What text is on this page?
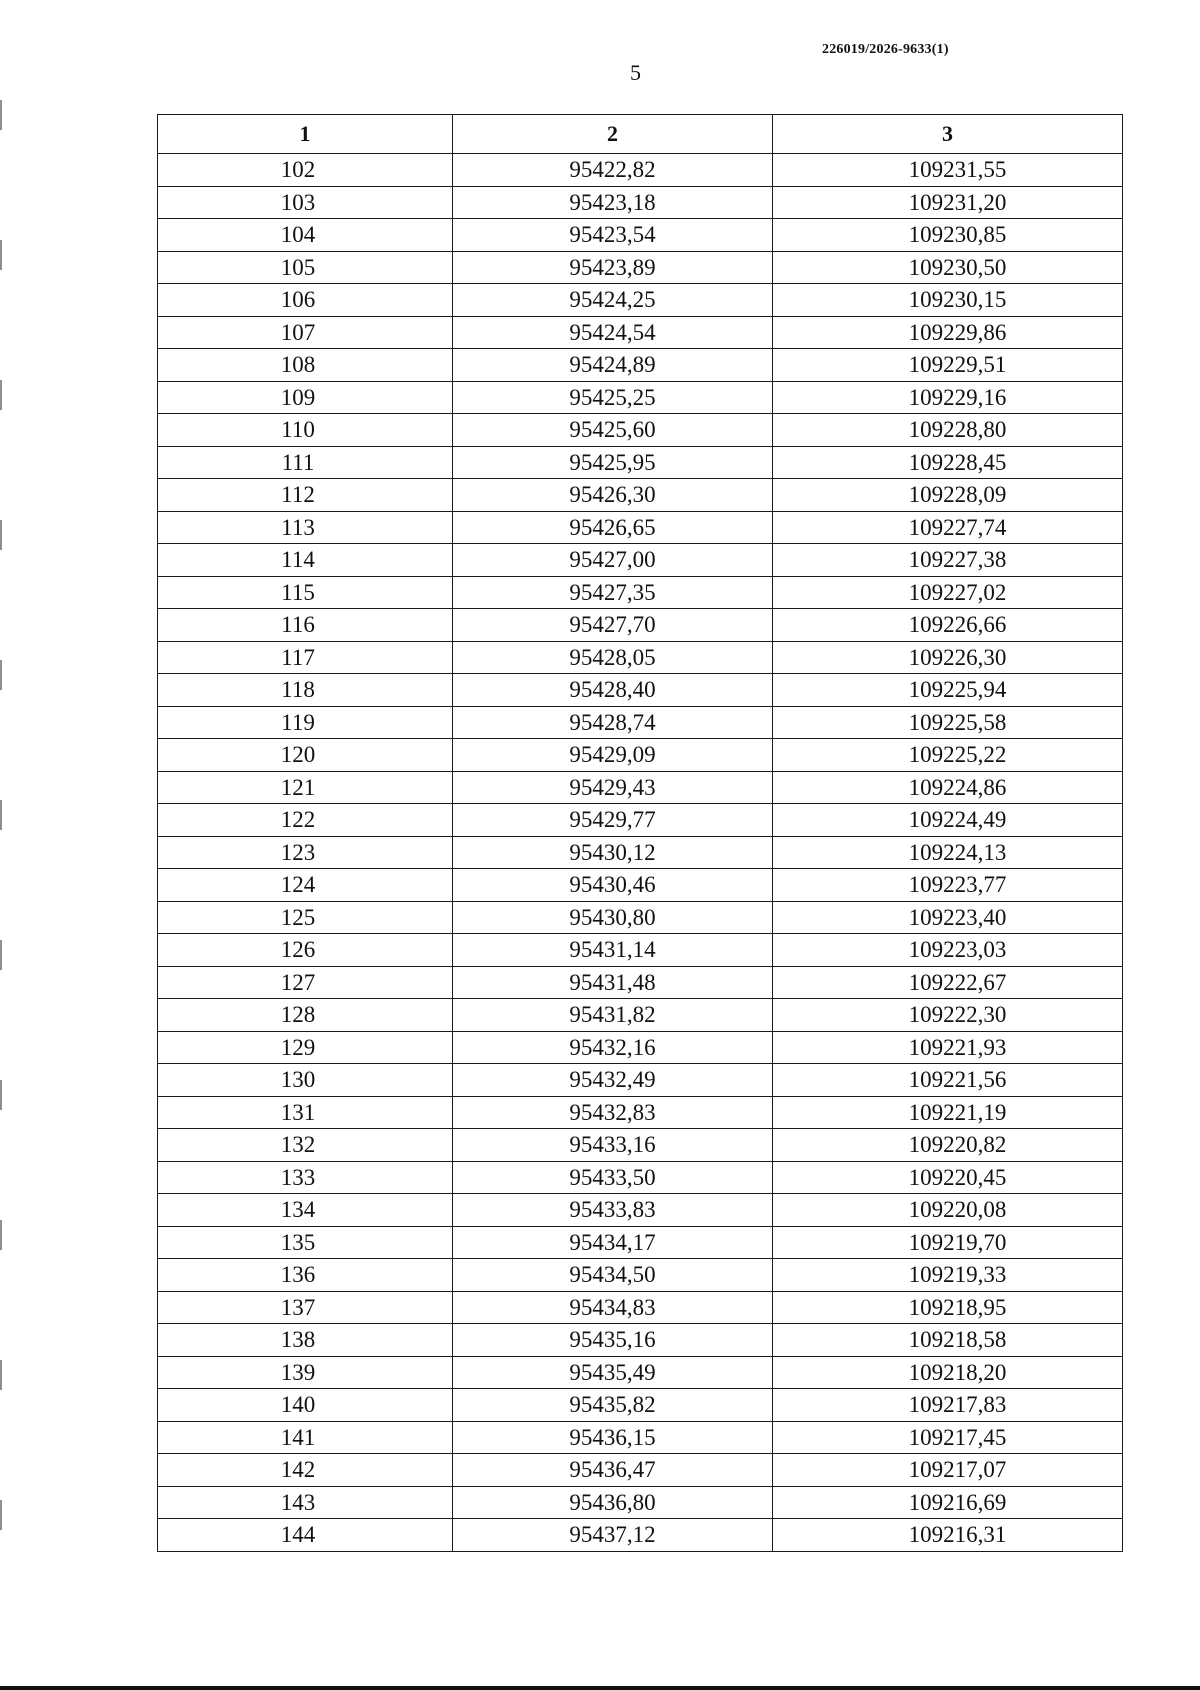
226019/2026-9633(1)
5
1	2	3
102	95422,82	109231,55
103	95423,18	109231,20
104	95423,54	109230,85
105	95423,89	109230,50
106	95424,25	109230,15
107	95424,54	109229,86
108	95424,89	109229,51
109	95425,25	109229,16
110	95425,60	109228,80
111	95425,95	109228,45
112	95426,30	109228,09
113	95426,65	109227,74
114	95427,00	109227,38
115	95427,35	109227,02
116	95427,70	109226,66
117	95428,05	109226,30
118	95428,40	109225,94
119	95428,74	109225,58
120	95429,09	109225,22
121	95429,43	109224,86
122	95429,77	109224,49
123	95430,12	109224,13
124	95430,46	109223,77
125	95430,80	109223,40
126	95431,14	109223,03
127	95431,48	109222,67
128	95431,82	109222,30
129	95432,16	109221,93
130	95432,49	109221,56
131	95432,83	109221,19
132	95433,16	109220,82
133	95433,50	109220,45
134	95433,83	109220,08
135	95434,17	109219,70
136	95434,50	109219,33
137	95434,83	109218,95
138	95435,16	109218,58
139	95435,49	109218,20
140	95435,82	109217,83
141	95436,15	109217,45
142	95436,47	109217,07
143	95436,80	109216,69
144	95437,12	109216,31
